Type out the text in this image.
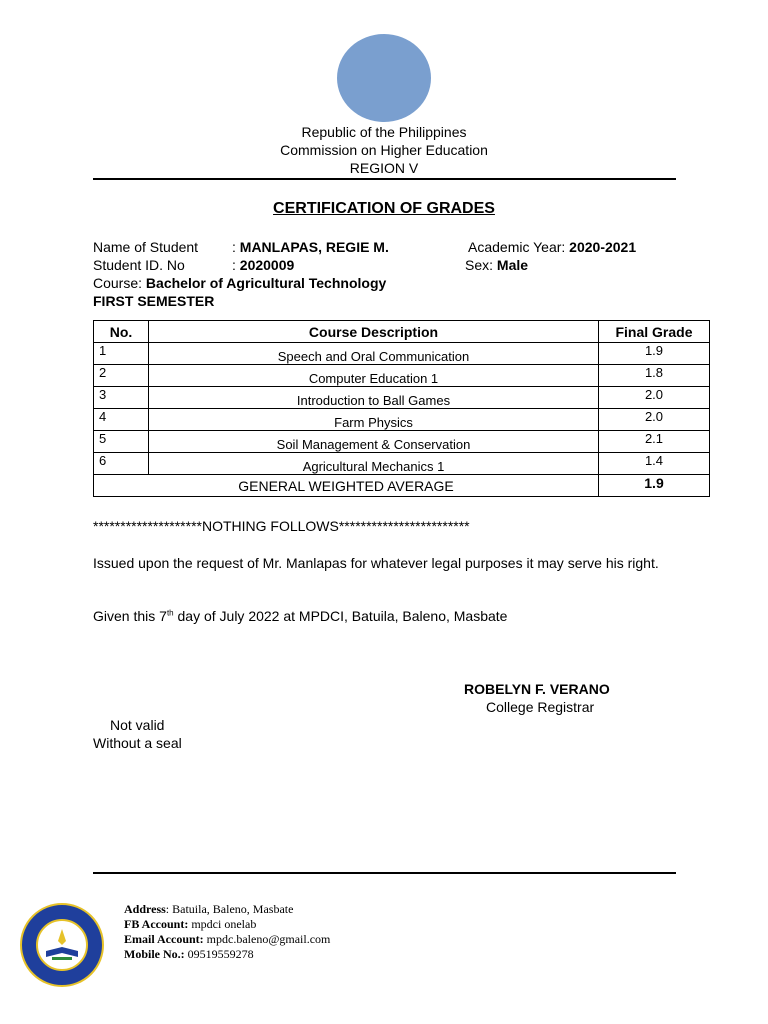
Republic of the Philippines
Commission on Higher Education
REGION V
CERTIFICATION OF GRADES
Name of Student : MANLAPAS, REGIE M.	Academic Year: 2020-2021
Student ID. No	: 2020009	Sex: Male
Course: Bachelor of Agricultural Technology
FIRST SEMESTER
No.	Course Description	Final Grade
1	Speech and Oral Communication	1.9
2	Computer Education 1	1.8
3	Introduction to Ball Games	2.0
4	Farm Physics	2.0
5	Soil Management & Conservation	2.1
6	Agricultural Mechanics 1	1.4
GENERAL WEIGHTED AVERAGE		1.9
********************NOTHING FOLLOWS************************
Issued upon the request of Mr. Manlapas for whatever legal purposes it may serve his right.
Given this 7th day of July 2022 at MPDCI, Batuila, Baleno, Masbate
ROBELYN F. VERANO
College Registrar
Not valid
Without a seal
Address: Batuila, Baleno, Masbate
FB Account: mpdci onelab
Email Account: mpdc.baleno@gmail.com
Mobile No.: 09519559278
